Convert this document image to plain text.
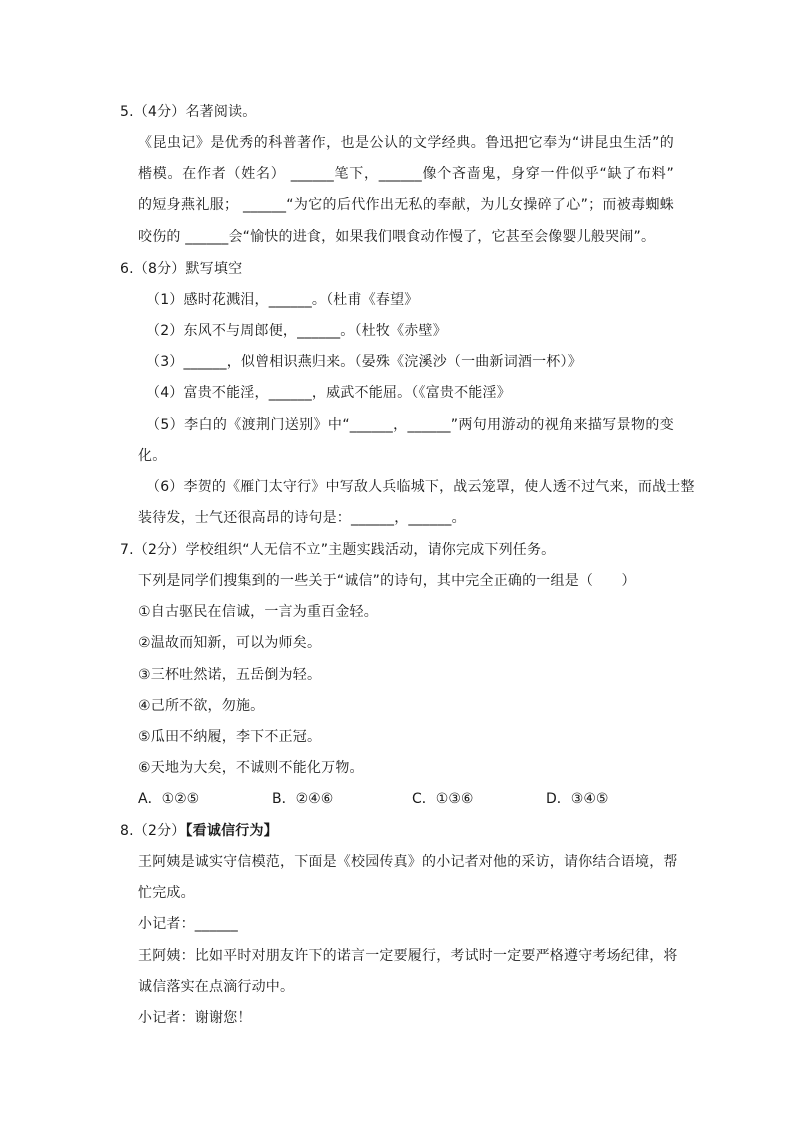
5.（4分）名著阅读。
《昆虫记》是优秀的科普著作，也是公认的文学经典。鲁迅把它奉为“讲昆虫生活”的
楷模。在作者（姓名） ______笔下，______像个吝啬鬼，身穿一件似乎“缺了布料”
的短身燕礼服； ______“为它的后代作出无私的奉献，为儿女操碎了心”；而被毒蜘蛛
咬伤的 ______会“愉快的进食，如果我们喂食动作慢了，它甚至会像婴儿般哭闹”。
6.（8分）默写填空
（1）感时花溅泪，______。（杜甫《春望》
（2）东风不与周郎便，______。（杜牧《赤壁》
（3）______，似曾相识燕归来。（晏殊《浣溪沙（一曲新词酒一杯）》
（4）富贵不能淫，______，威武不能屈。（《富贵不能淫》
（5）李白的《渡荆门送别》中“______，______”两句用游动的视角来描写景物的变
化。
（6）李贺的《雁门太守行》中写敌人兵临城下，战云笼罩，使人透不过气来，而战士整
装待发，士气还很高昂的诗句是：______，______。
7.（2分）学校组织“人无信不立”主题实践活动，请你完成下列任务。
下列是同学们搜集到的一些关于“诚信”的诗句，其中完全正确的一组是（　　）
①自古驱民在信诚，一言为重百金轻。
②温故而知新，可以为师矣。
③三杯吐然诺，五岳倒为轻。
④己所不欲，勿施。
⑤瓜田不纳履，李下不正冠。
⑥天地为大矣，不诚则不能化万物。
A．①②⑤	B．②④⑥	C．①③⑥	D．③④⑤
8.（2分）【看诚信行为】
王阿姨是诚实守信模范，下面是《校园传真》的小记者对他的采访，请你结合语境，帮
忙完成。
小记者：______
王阿姨：比如平时对朋友许下的诺言一定要履行，考试时一定要严格遵守考场纪律，将
诚信落实在点滴行动中。
小记者：谢谢您！
